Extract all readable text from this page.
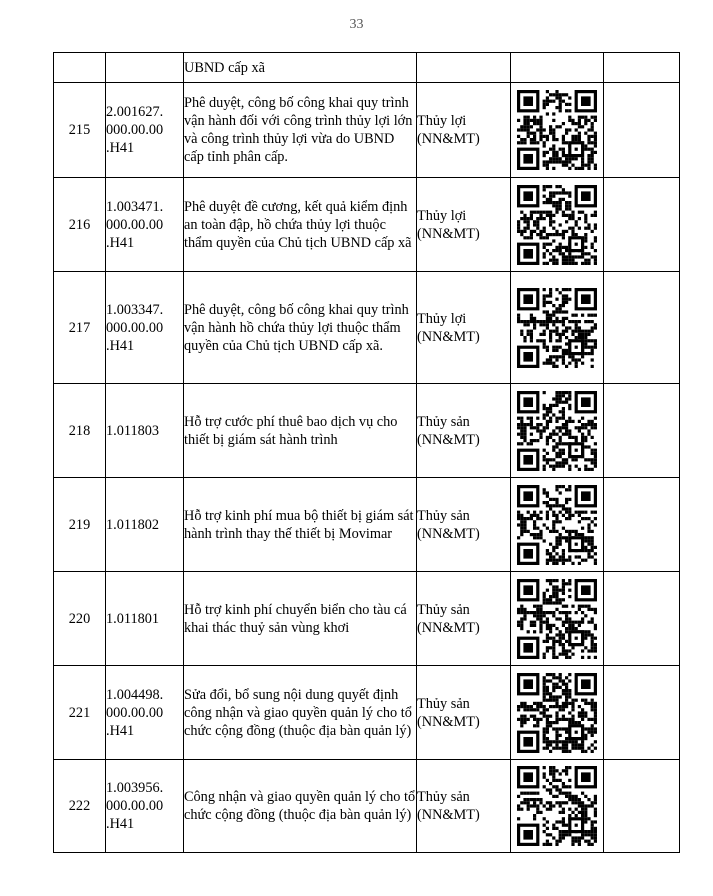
33

		UBND cấp xã			

215	2.001627.
000.00.00
.H41	Phê duyệt, công bố công khai quy trình vận hành đối với công trình thủy lợi lớn và công trình thủy lợi vừa do UBND cấp tỉnh phân cấp.	Thủy lợi
(NN&MT)	

216	1.003471.
000.00.00
.H41	Phê duyệt đề cương, kết quả kiểm định an toàn đập, hồ chứa thủy lợi thuộc thẩm quyền của Chủ tịch UBND cấp xã	Thủy lợi
(NN&MT)	

217	1.003347.
000.00.00
.H41	Phê duyệt, công bố công khai quy trình vận hành hồ chứa thủy lợi thuộc thẩm quyền của Chủ tịch UBND cấp xã.	Thủy lợi
(NN&MT)	

218	1.011803	Hỗ trợ cước phí thuê bao dịch vụ cho thiết bị giám sát hành trình	Thủy sản
(NN&MT)	

219	1.011802	Hỗ trợ kinh phí mua bộ thiết bị giám sát hành trình thay thế thiết bị Movimar	Thủy sản
(NN&MT)	

220	1.011801	Hỗ trợ kinh phí chuyển biển cho tàu cá khai thác thuỷ sản vùng khơi	Thủy sản
(NN&MT)	

221	1.004498.
000.00.00
.H41	Sửa đổi, bổ sung nội dung quyết định công nhận và giao quyền quản lý cho tổ chức cộng đồng (thuộc địa bàn quản lý)	Thủy sản
(NN&MT)	

222	1.003956.
000.00.00
.H41	Công nhận và giao quyền quản lý cho tổ chức cộng đồng (thuộc địa bàn quản lý)	Thủy sản
(NN&MT)	
